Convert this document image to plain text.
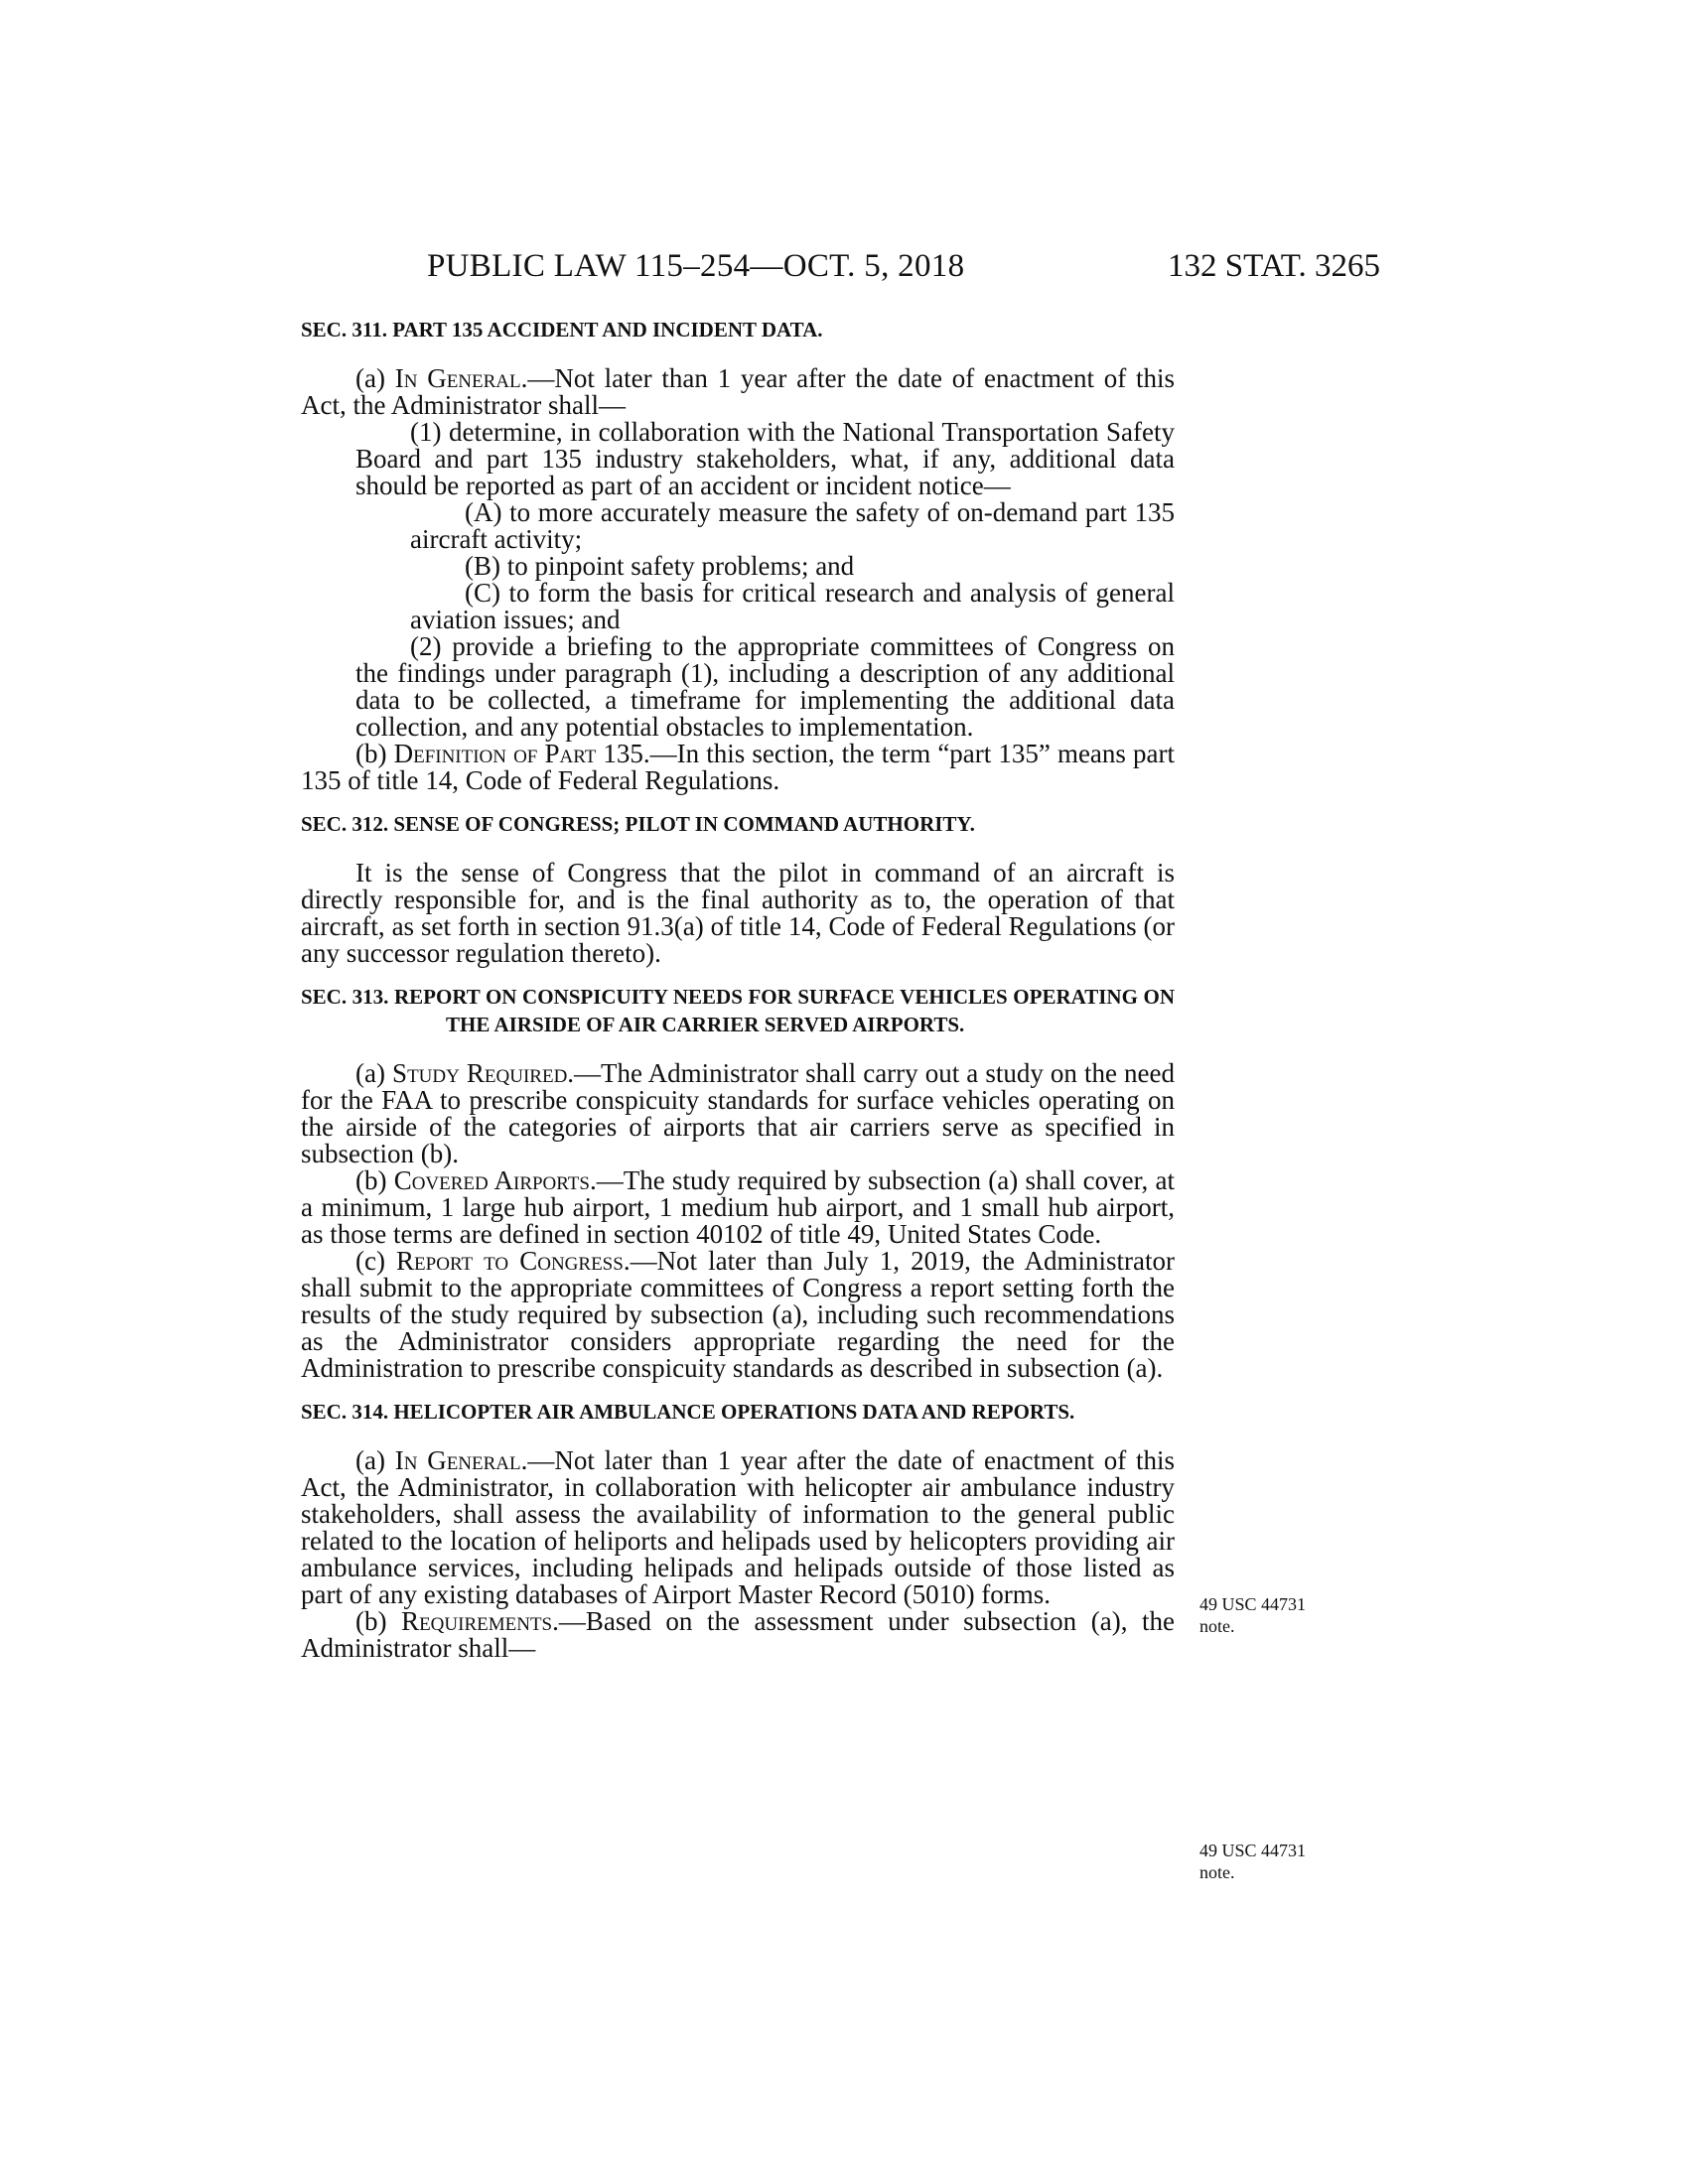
PUBLIC LAW 115–254—OCT. 5, 2018	132 STAT. 3265
SEC. 311. PART 135 ACCIDENT AND INCIDENT DATA.

(a) In General.—Not later than 1 year after the date of enactment of this Act, the Administrator shall—

(1) determine, in collaboration with the National Transportation Safety Board and part 135 industry stakeholders, what, if any, additional data should be reported as part of an accident or incident notice—

(A) to more accurately measure the safety of on-demand part 135 aircraft activity;

(B) to pinpoint safety problems; and

(C) to form the basis for critical research and analysis of general aviation issues; and

(2) provide a briefing to the appropriate committees of Congress on the findings under paragraph (1), including a description of any additional data to be collected, a timeframe for implementing the additional data collection, and any potential obstacles to implementation.

(b) Definition of Part 135.—In this section, the term “part 135” means part 135 of title 14, Code of Federal Regulations.

SEC. 312. SENSE OF CONGRESS; PILOT IN COMMAND AUTHORITY.

It is the sense of Congress that the pilot in command of an aircraft is directly responsible for, and is the final authority as to, the operation of that aircraft, as set forth in section 91.3(a) of title 14, Code of Federal Regulations (or any successor regulation thereto).

SEC. 313. REPORT ON CONSPICUITY NEEDS FOR SURFACE VEHICLES OPERATING ON THE AIRSIDE OF AIR CARRIER SERVED AIRPORTS.

(a) Study Required.—The Administrator shall carry out a study on the need for the FAA to prescribe conspicuity standards for surface vehicles operating on the airside of the categories of airports that air carriers serve as specified in subsection (b).

(b) Covered Airports.—The study required by subsection (a) shall cover, at a minimum, 1 large hub airport, 1 medium hub airport, and 1 small hub airport, as those terms are defined in section 40102 of title 49, United States Code.

(c) Report to Congress.—Not later than July 1, 2019, the Administrator shall submit to the appropriate committees of Congress a report setting forth the results of the study required by subsection (a), including such recommendations as the Administrator considers appropriate regarding the need for the Administration to prescribe conspicuity standards as described in subsection (a).

SEC. 314. HELICOPTER AIR AMBULANCE OPERATIONS DATA AND REPORTS.

(a) In General.—Not later than 1 year after the date of enactment of this Act, the Administrator, in collaboration with helicopter air ambulance industry stakeholders, shall assess the availability of information to the general public related to the location of heliports and helipads used by helicopters providing air ambulance services, including helipads and helipads outside of those listed as part of any existing databases of Airport Master Record (5010) forms.

(b) Requirements.—Based on the assessment under subsection (a), the Administrator shall—

49 USC 44731
note.
49 USC 44731
note.
